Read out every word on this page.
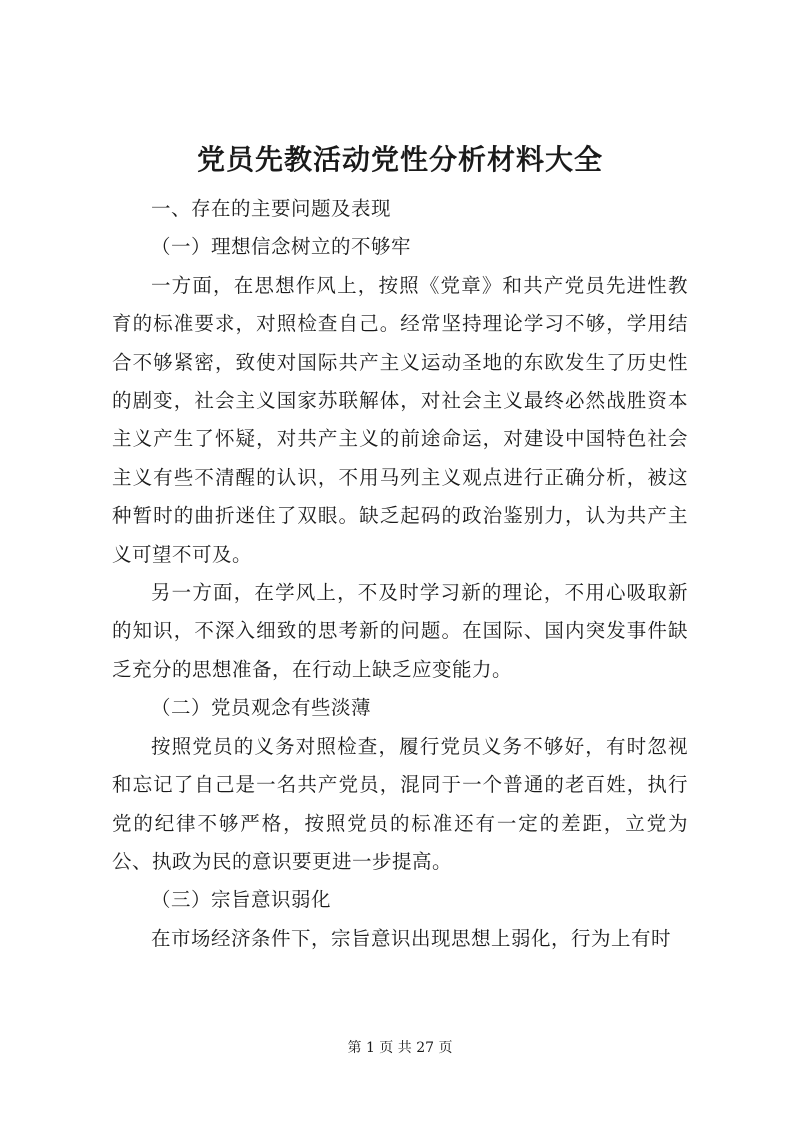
党员先教活动党性分析材料大全

一、存在的主要问题及表现

（一）理想信念树立的不够牢

一方面，在思想作风上，按照《党章》和共产党员先进性教育的标准要求，对照检查自己。经常坚持理论学习不够，学用结合不够紧密，致使对国际共产主义运动圣地的东欧发生了历史性的剧变，社会主义国家苏联解体，对社会主义最终必然战胜资本主义产生了怀疑，对共产主义的前途命运，对建设中国特色社会主义有些不清醒的认识，不用马列主义观点进行正确分析，被这种暂时的曲折迷住了双眼。缺乏起码的政治鉴别力，认为共产主义可望不可及。

另一方面，在学风上，不及时学习新的理论，不用心吸取新的知识，不深入细致的思考新的问题。在国际、国内突发事件缺乏充分的思想准备，在行动上缺乏应变能力。

（二）党员观念有些淡薄

按照党员的义务对照检查，履行党员义务不够好，有时忽视和忘记了自己是一名共产党员，混同于一个普通的老百姓，执行党的纪律不够严格，按照党员的标准还有一定的差距，立党为公、执政为民的意识要更进一步提高。

（三）宗旨意识弱化

在市场经济条件下，宗旨意识出现思想上弱化，行为上有时

第 1 页 共 27 页
